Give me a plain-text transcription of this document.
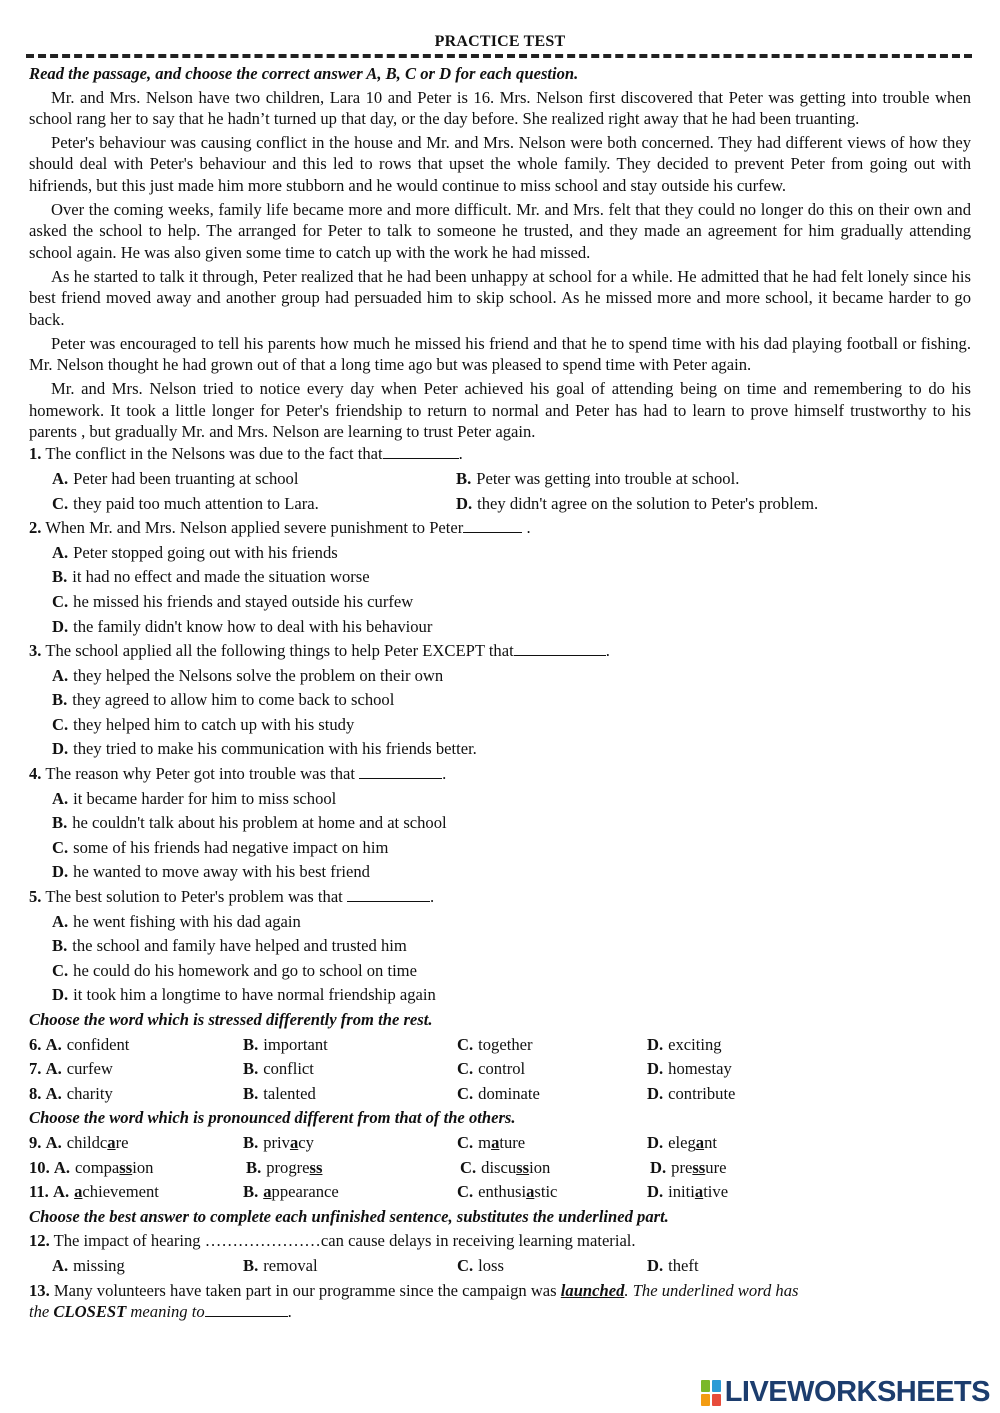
PRACTICE TEST
Read the passage, and choose the correct answer A, B, C or D for each question.

Mr. and Mrs. Nelson have two children, Lara 10 and Peter is 16. Mrs. Nelson first discovered that Peter was getting into trouble when school rang her to say that he hadn’t turned up that day, or the day before. She realized right away that he had been truanting.

Peter's behaviour was causing conflict in the house and Mr. and Mrs. Nelson were both concerned. They had different views of how they should deal with Peter's behaviour and this led to rows that upset the whole family. They decided to prevent Peter from going out with hifriends, but this just made him more stubborn and he would continue to miss school and stay outside his curfew.

Over the coming weeks, family life became more and more difficult. Mr. and Mrs. felt that they could no longer do this on their own and asked the school to help. The arranged for Peter to talk to someone he trusted, and they made an agreement for him gradually attending school again. He was also given some time to catch up with the work he had missed.

As he started to talk it through, Peter realized that he had been unhappy at school for a while. He admitted that he had felt lonely since his best friend moved away and another group had persuaded him to skip school. As he missed more and more school, it became harder to go back.

Peter was encouraged to tell his parents how much he missed his friend and that he to spend time with his dad playing football or fishing. Mr. Nelson thought he had grown out of that a long time ago but was pleased to spend time with Peter again.

Mr. and Mrs. Nelson tried to notice every day when Peter achieved his goal of attending being on time and remembering to do his homework. It took a little longer for Peter's friendship to return to normal and Peter has had to learn to prove himself trustworthy to his parents , but gradually Mr. and Mrs. Nelson are learning to trust Peter again.

1. The conflict in the Nelsons was due to the fact that	.
A. Peter had been truanting at school	B. Peter was getting into trouble at school.
C. they paid too much attention to Lara.	D. they didn't agree on the solution to Peter's problem.
2. When Mr. and Mrs. Nelson applied severe punishment to Peter	.
A. Peter stopped going out with his friends
B. it had no effect and made the situation worse
C. he missed his friends and stayed outside his curfew
D. the family didn't know how to deal with his behaviour
3. The school applied all the following things to help Peter EXCEPT that	.
A. they helped the Nelsons solve the problem on their own
B. they agreed to allow him to come back to school
C. they helped him to catch up with his study
D. they tried to make his communication with his friends better.
4. The reason why Peter got into trouble was that	.
A. it became harder for him to miss school
B. he couldn't talk about his problem at home and at school
C. some of his friends had negative impact on him
D. he wanted to move away with his best friend
5. The best solution to Peter's problem was that	.
A. he went fishing with his dad again
B. the school and family have helped and trusted him
C. he could do his homework and go to school on time
D. it took him a longtime to have normal friendship again
Choose the word which is stressed differently from the rest.
6. A. confident	B. important	C. together	D. exciting
7. A. curfew	B. conflict	C. control	D. homestay
8. A. charity	B. talented	C. dominate	D. contribute
Choose the word which is pronounced different from that of the others.
9. A. childcare	B. privacy	C. mature	D. elegant
10. A. compassion	B. progress	C. discussion	D. pressure
11. A. achievement	B. appearance	C. enthusiastic	D. initiative
Choose the best answer to complete each unfinished sentence, substitutes the underlined part.
12. The impact of hearing …………………can cause delays in receiving learning material.
A. missing	B. removal	C. loss	D. theft
13. Many volunteers have taken part in our programme since the campaign was launched. The underlined word has
the CLOSEST meaning to	.
LIVEWORKSHEETS
